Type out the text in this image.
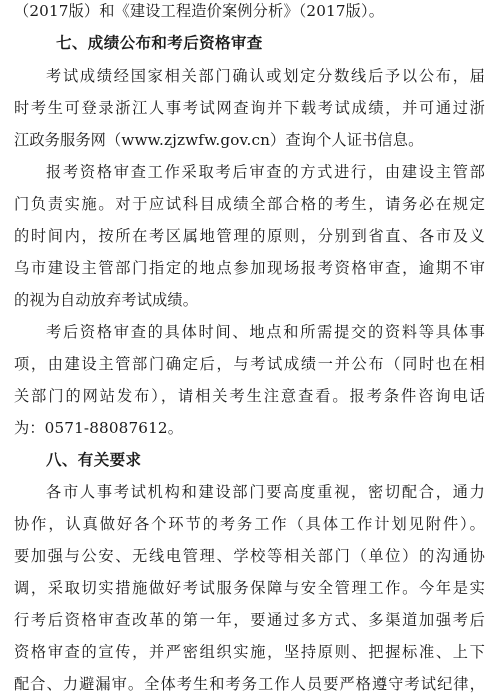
（2017版）和《建设工程造价案例分析》（2017版）。
七、成绩公布和考后资格审查
考试成绩经国家相关部门确认或划定分数线后予以公布，届
时考生可登录浙江人事考试网查询并下载考试成绩，并可通过浙
江政务服务网（www.zjzwfw.gov.cn）查询个人证书信息。
报考资格审查工作采取考后审查的方式进行，由建设主管部
门负责实施。对于应试科目成绩全部合格的考生，请务必在规定
的时间内，按所在考区属地管理的原则，分别到省直、各市及义
乌市建设主管部门指定的地点参加现场报考资格审查，逾期不审
的视为自动放弃考试成绩。
考后资格审查的具体时间、地点和所需提交的资料等具体事
项，由建设主管部门确定后，与考试成绩一并公布（同时也在相
关部门的网站发布），请相关考生注意查看。报考条件咨询电话
为：0571-88087612。
八、有关要求
各市人事考试机构和建设部门要高度重视，密切配合，通力
协作，认真做好各个环节的考务工作（具体工作计划见附件）。
要加强与公安、无线电管理、学校等相关部门（单位）的沟通协
调，采取切实措施做好考试服务保障与安全管理工作。今年是实
行考后资格审查改革的第一年，要通过多方式、多渠道加强考后
资格审查的宣传，并严密组织实施，坚持原则、把握标准、上下
配合、力避漏审。全体考生和考务工作人员要严格遵守考试纪律，
